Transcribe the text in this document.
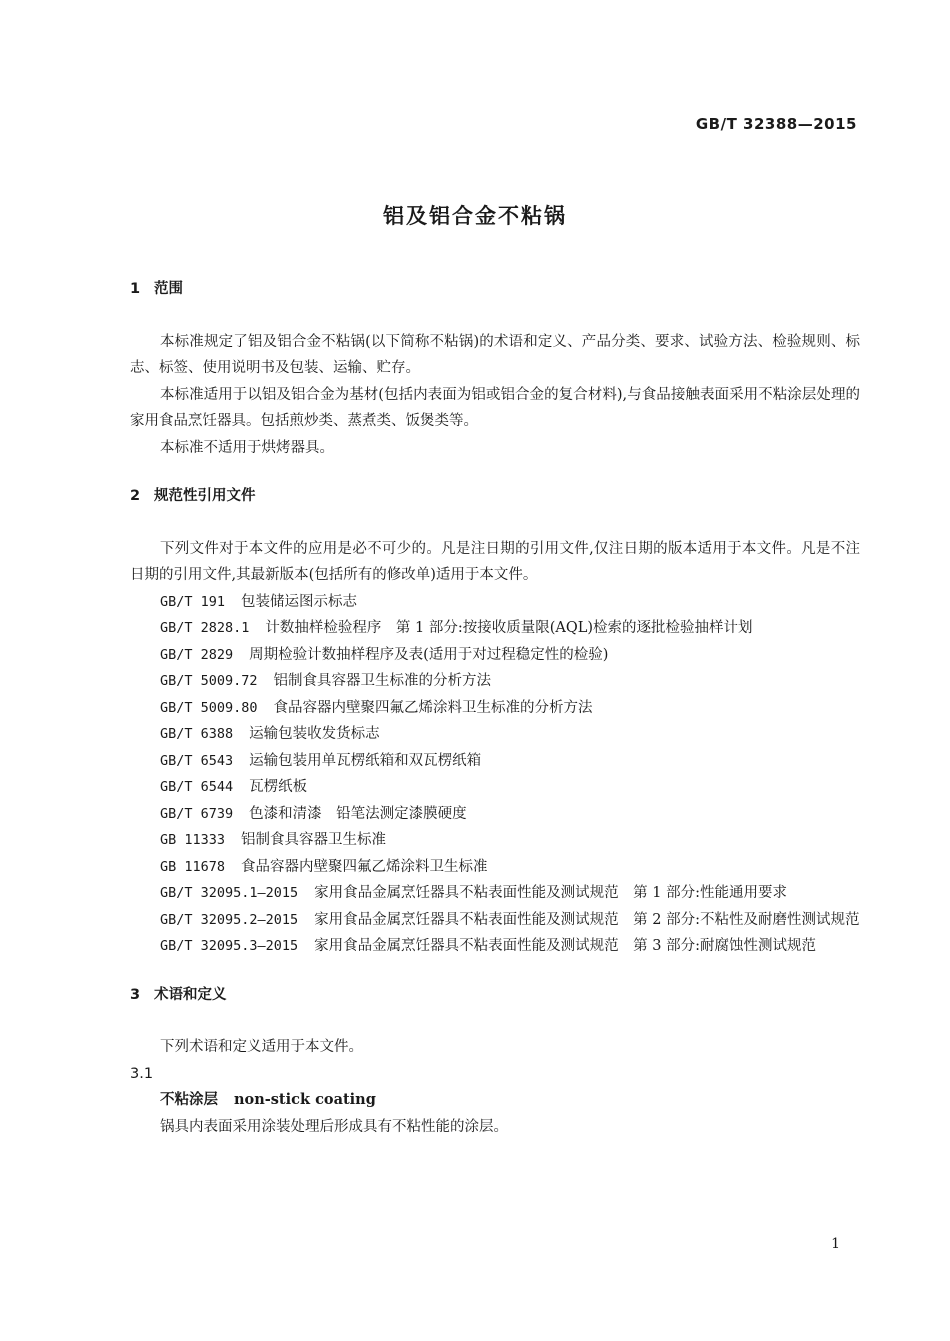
GB/T 32388—2015
铝及铝合金不粘锅
1 范围

本标准规定了铝及铝合金不粘锅(以下简称不粘锅)的术语和定义、产品分类、要求、试验方法、检验规则、标志、标签、使用说明书及包装、运输、贮存。

本标准适用于以铝及铝合金为基材(包括内表面为铝或铝合金的复合材料),与食品接触表面采用不粘涂层处理的家用食品烹饪器具。包括煎炒类、蒸煮类、饭煲类等。

本标准不适用于烘烤器具。

2 规范性引用文件

下列文件对于本文件的应用是必不可少的。凡是注日期的引用文件,仅注日期的版本适用于本文件。凡是不注日期的引用文件,其最新版本(包括所有的修改单)适用于本文件。

GB/T 191 包装储运图示标志
GB/T 2828.1 计数抽样检验程序　第 1 部分:按接收质量限(AQL)检索的逐批检验抽样计划
GB/T 2829 周期检验计数抽样程序及表(适用于对过程稳定性的检验)
GB/T 5009.72 铝制食具容器卫生标准的分析方法
GB/T 5009.80 食品容器内壁聚四氟乙烯涂料卫生标准的分析方法
GB/T 6388 运输包装收发货标志
GB/T 6543 运输包装用单瓦楞纸箱和双瓦楞纸箱
GB/T 6544 瓦楞纸板
GB/T 6739 色漆和清漆　铅笔法测定漆膜硬度
GB 11333 铝制食具容器卫生标准
GB 11678 食品容器内壁聚四氟乙烯涂料卫生标准
GB/T 32095.1—2015 家用食品金属烹饪器具不粘表面性能及测试规范　第 1 部分:性能通用要求
GB/T 32095.2—2015 家用食品金属烹饪器具不粘表面性能及测试规范　第 2 部分:不粘性及耐磨性测试规范
GB/T 32095.3—2015 家用食品金属烹饪器具不粘表面性能及测试规范　第 3 部分:耐腐蚀性测试规范
3 术语和定义

下列术语和定义适用于本文件。

3.1
不粘涂层 non-stick coating

锅具内表面采用涂装处理后形成具有不粘性能的涂层。

1
